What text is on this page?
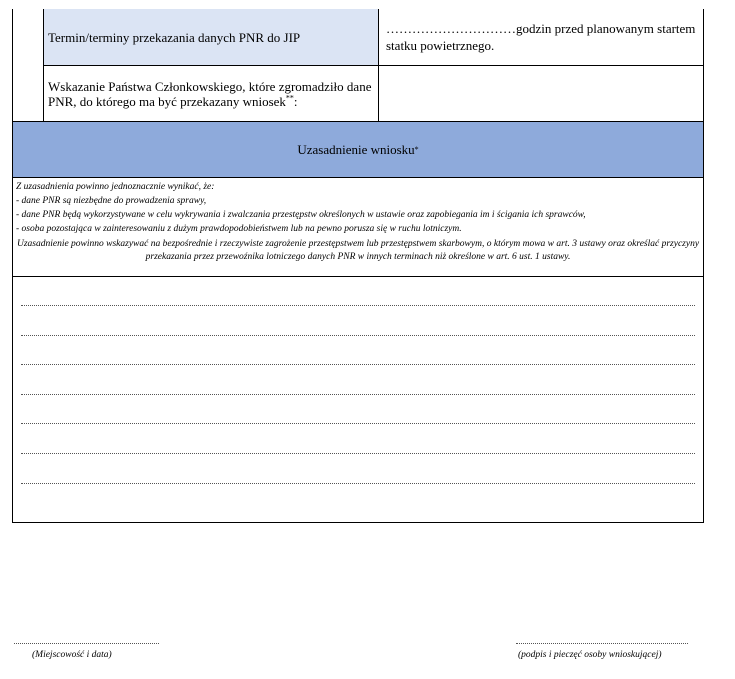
Termin/terminy przekazania danych PNR do JIP
…………………………godzin przed planowanym startem statku powietrznego.
Wskazanie Państwa Członkowskiego, które zgromadziło dane PNR, do którego ma być przekazany wniosek**:
Uzasadnienie wniosku *

Z uzasadnienia powinno jednoznacznie wynikać, że:

- dane PNR są niezbędne do prowadzenia sprawy,

- dane PNR będą wykorzystywane w celu wykrywania i zwalczania przestępstw określonych w ustawie oraz zapobiegania im i ścigania ich sprawców,

- osoba pozostająca w zainteresowaniu z dużym prawdopodobieństwem lub na pewno porusza się w ruchu lotniczym.

Uzasadnienie powinno wskazywać na bezpośrednie i rzeczywiste zagrożenie przestępstwem lub przestępstwem skarbowym, o którym mowa w art. 3 ustawy oraz określać przyczyny przekazania przez przewoźnika lotniczego danych PNR w innych terminach niż określone w art. 6 ust. 1 ustawy.

(Miejscowość i data)	(podpis i pieczęć osoby wnioskującej)
